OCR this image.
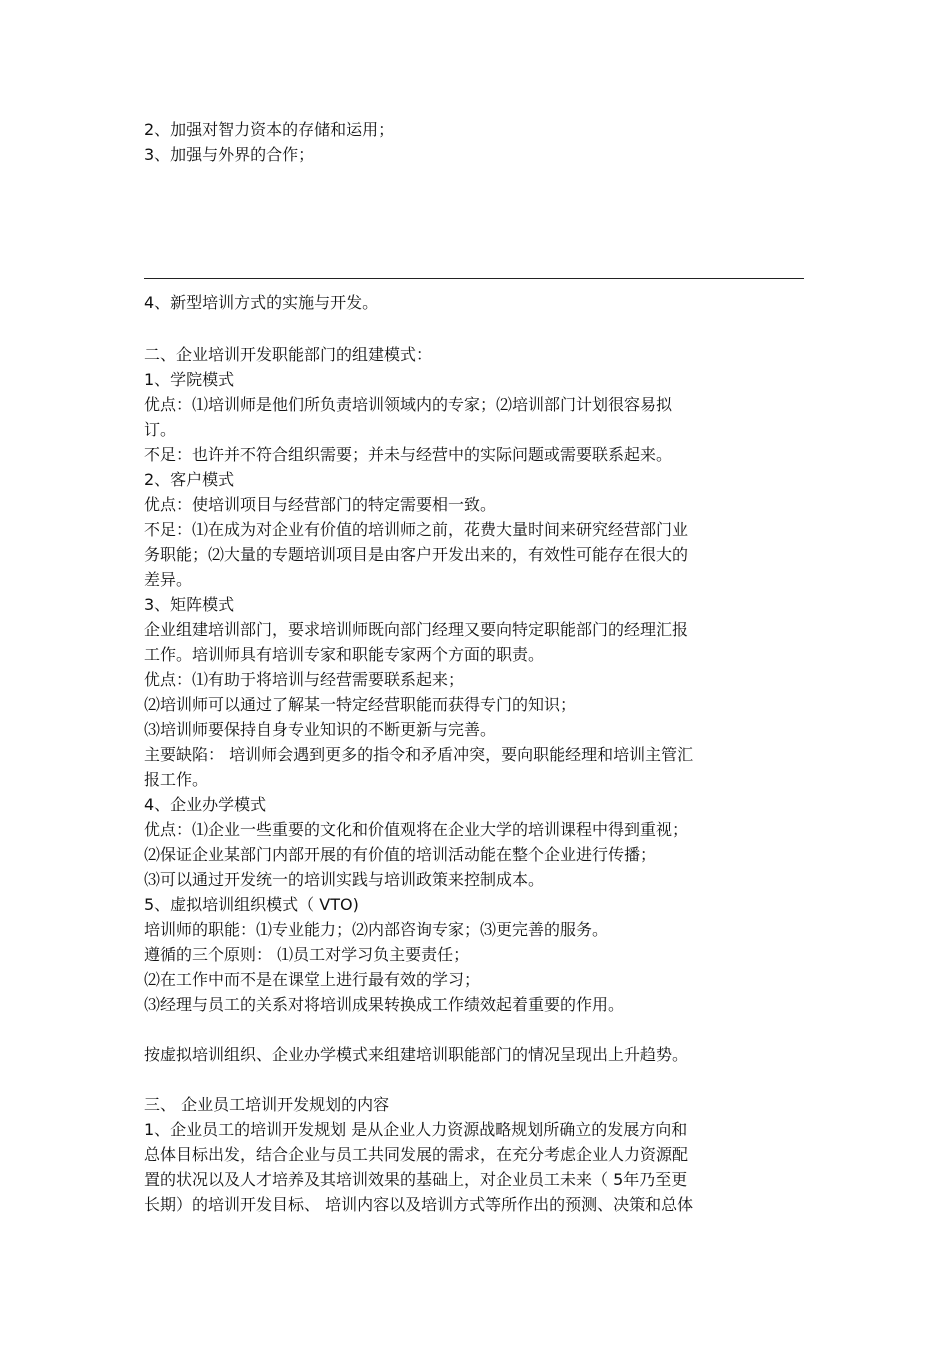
2、加强对智力资本的存储和运用；
3、加强与外界的合作；
4、新型培训方式的实施与开发。
二、企业培训开发职能部门的组建模式：
1、学院模式
优点：⑴培训师是他们所负责培训领域内的专家；⑵培训部门计划很容易拟
订。
不足：也许并不符合组织需要；并未与经营中的实际问题或需要联系起来。
2、客户模式
优点：使培训项目与经营部门的特定需要相一致。
不足：⑴在成为对企业有价值的培训师之前，花费大量时间来研究经营部门业
务职能；⑵大量的专题培训项目是由客户开发出来的，有效性可能存在很大的
差异。
3、矩阵模式
企业组建培训部门，要求培训师既向部门经理又要向特定职能部门的经理汇报
工作。培训师具有培训专家和职能专家两个方面的职责。
优点：⑴有助于将培训与经营需要联系起来；
⑵培训师可以通过了解某一特定经营职能而获得专门的知识；
⑶培训师要保持自身专业知识的不断更新与完善。
主要缺陷： 培训师会遇到更多的指令和矛盾冲突，要向职能经理和培训主管汇
报工作。
4、企业办学模式
优点：⑴企业一些重要的文化和价值观将在企业大学的培训课程中得到重视；
⑵保证企业某部门内部开展的有价值的培训活动能在整个企业进行传播；
⑶可以通过开发统一的培训实践与培训政策来控制成本。
5、虚拟培训组织模式（ VTO)
培训师的职能：⑴专业能力；⑵内部咨询专家；⑶更完善的服务。
遵循的三个原则： ⑴员工对学习负主要责任；
⑵在工作中而不是在课堂上进行最有效的学习；
⑶经理与员工的关系对将培训成果转换成工作绩效起着重要的作用。
按虚拟培训组织、企业办学模式来组建培训职能部门的情况呈现出上升趋势。
三、 企业员工培训开发规划的内容
1、企业员工的培训开发规划 是从企业人力资源战略规划所确立的发展方向和
总体目标出发，结合企业与员工共同发展的需求，在充分考虑企业人力资源配
置的状况以及人才培养及其培训效果的基础上，对企业员工未来（ 5年乃至更
长期）的培训开发目标、 培训内容以及培训方式等所作出的预测、决策和总体
